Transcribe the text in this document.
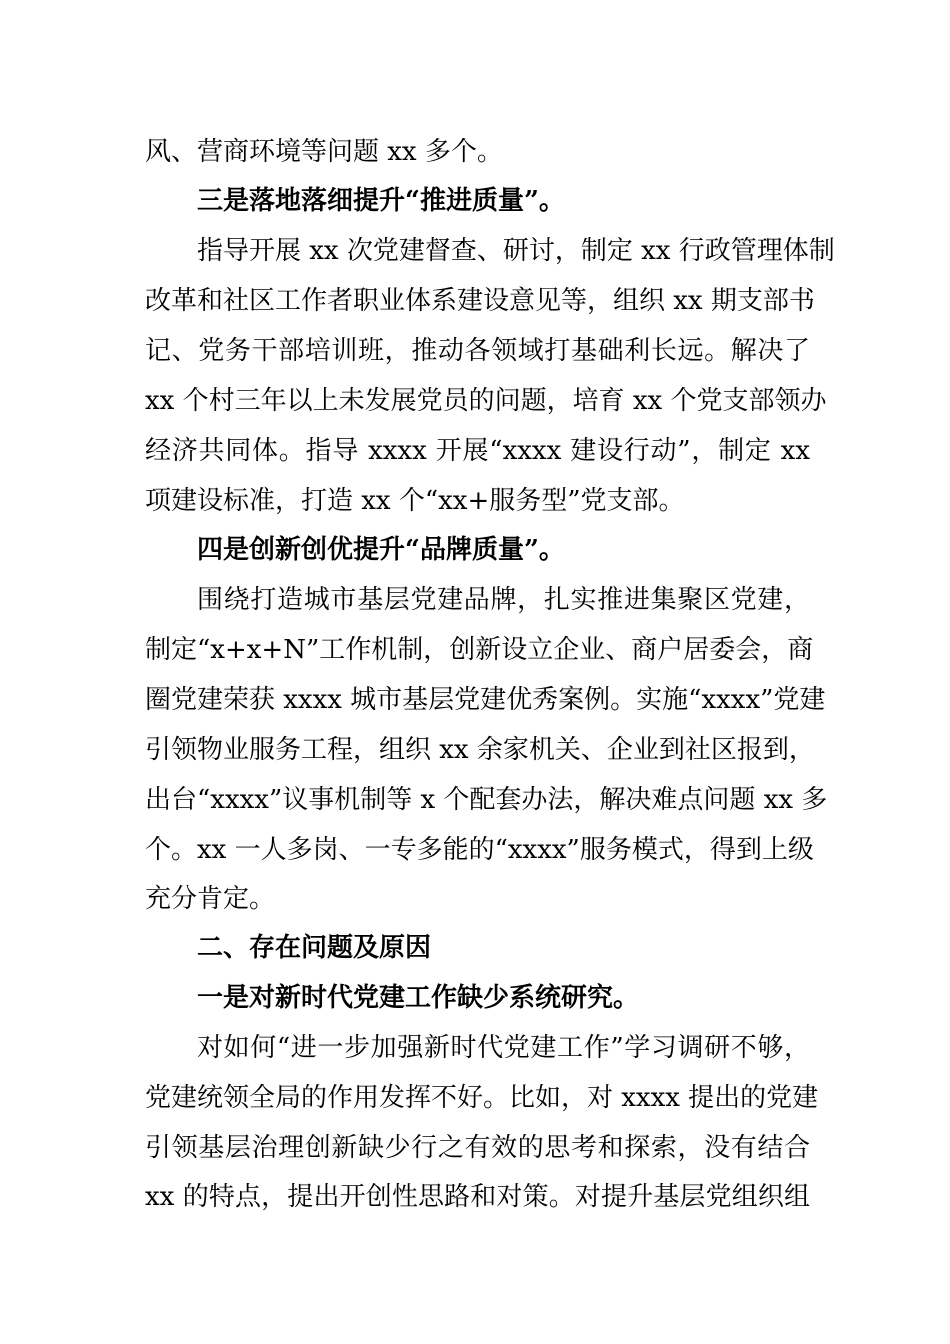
风、营商环境等问题 xx 多个。
三是落地落细提升“推进质量”。
指导开展 xx 次党建督查、研讨，制定 xx 行政管理体制
改革和社区工作者职业体系建设意见等，组织 xx 期支部书
记、党务干部培训班，推动各领域打基础利长远。解决了
xx 个村三年以上未发展党员的问题，培育 xx 个党支部领办
经济共同体。指导 xxxx 开展“xxxx 建设行动”，制定 xx
项建设标准，打造 xx 个“xx+服务型”党支部。
四是创新创优提升“品牌质量”。
围绕打造城市基层党建品牌，扎实推进集聚区党建，
制定“x+x+N”工作机制，创新设立企业、商户居委会，商
圈党建荣获 xxxx 城市基层党建优秀案例。实施“xxxx”党建
引领物业服务工程，组织 xx 余家机关、企业到社区报到，
出台“xxxx”议事机制等 x 个配套办法，解决难点问题 xx 多
个。xx 一人多岗、一专多能的“xxxx”服务模式，得到上级
充分肯定。
二、存在问题及原因
一是对新时代党建工作缺少系统研究。
对如何“进一步加强新时代党建工作”学习调研不够，
党建统领全局的作用发挥不好。比如，对 xxxx 提出的党建
引领基层治理创新缺少行之有效的思考和探索，没有结合
xx 的特点，提出开创性思路和对策。对提升基层党组织组
